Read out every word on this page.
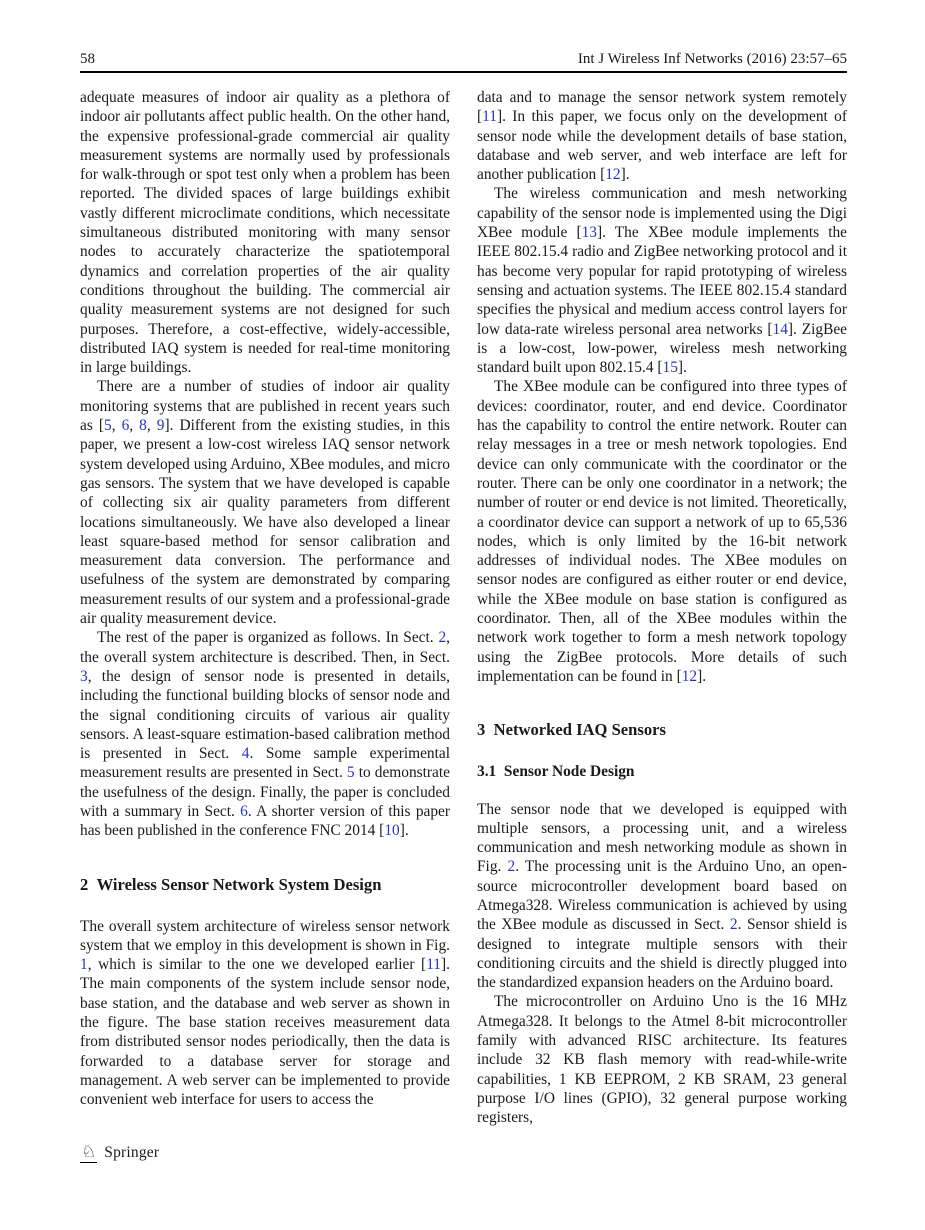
58	Int J Wireless Inf Networks (2016) 23:57–65

adequate measures of indoor air quality as a plethora of indoor air pollutants affect public health. On the other hand, the expensive professional-grade commercial air quality measurement systems are normally used by professionals for walk-through or spot test only when a problem has been reported. The divided spaces of large buildings exhibit vastly different microclimate conditions, which necessitate simultaneous distributed monitoring with many sensor nodes to accurately characterize the spatiotemporal dynamics and correlation properties of the air quality conditions throughout the building. The commercial air quality measurement systems are not designed for such purposes. Therefore, a cost-effective, widely-accessible, distributed IAQ system is needed for real-time monitoring in large buildings.

There are a number of studies of indoor air quality monitoring systems that are published in recent years such as [5, 6, 8, 9]. Different from the existing studies, in this paper, we present a low-cost wireless IAQ sensor network system developed using Arduino, XBee modules, and micro gas sensors. The system that we have developed is capable of collecting six air quality parameters from different locations simultaneously. We have also developed a linear least square-based method for sensor calibration and measurement data conversion. The performance and usefulness of the system are demonstrated by comparing measurement results of our system and a professional-grade air quality measurement device.

The rest of the paper is organized as follows. In Sect. 2, the overall system architecture is described. Then, in Sect. 3, the design of sensor node is presented in details, including the functional building blocks of sensor node and the signal conditioning circuits of various air quality sensors. A least-square estimation-based calibration method is presented in Sect. 4. Some sample experimental measurement results are presented in Sect. 5 to demonstrate the usefulness of the design. Finally, the paper is concluded with a summary in Sect. 6. A shorter version of this paper has been published in the conference FNC 2014 [10].

2 Wireless Sensor Network System Design

The overall system architecture of wireless sensor network system that we employ in this development is shown in Fig. 1, which is similar to the one we developed earlier [11]. The main components of the system include sensor node, base station, and the database and web server as shown in the figure. The base station receives measurement data from distributed sensor nodes periodically, then the data is forwarded to a database server for storage and management. A web server can be implemented to provide convenient web interface for users to access the

data and to manage the sensor network system remotely [11]. In this paper, we focus only on the development of sensor node while the development details of base station, database and web server, and web interface are left for another publication [12].

The wireless communication and mesh networking capability of the sensor node is implemented using the Digi XBee module [13]. The XBee module implements the IEEE 802.15.4 radio and ZigBee networking protocol and it has become very popular for rapid prototyping of wireless sensing and actuation systems. The IEEE 802.15.4 standard specifies the physical and medium access control layers for low data-rate wireless personal area networks [14]. ZigBee is a low-cost, low-power, wireless mesh networking standard built upon 802.15.4 [15].

The XBee module can be configured into three types of devices: coordinator, router, and end device. Coordinator has the capability to control the entire network. Router can relay messages in a tree or mesh network topologies. End device can only communicate with the coordinator or the router. There can be only one coordinator in a network; the number of router or end device is not limited. Theoretically, a coordinator device can support a network of up to 65,536 nodes, which is only limited by the 16-bit network addresses of individual nodes. The XBee modules on sensor nodes are configured as either router or end device, while the XBee module on base station is configured as coordinator. Then, all of the XBee modules within the network work together to form a mesh network topology using the ZigBee protocols. More details of such implementation can be found in [12].

3 Networked IAQ Sensors
3.1 Sensor Node Design

The sensor node that we developed is equipped with multiple sensors, a processing unit, and a wireless communication and mesh networking module as shown in Fig. 2. The processing unit is the Arduino Uno, an open-source microcontroller development board based on Atmega328. Wireless communication is achieved by using the XBee module as discussed in Sect. 2. Sensor shield is designed to integrate multiple sensors with their conditioning circuits and the shield is directly plugged into the standardized expansion headers on the Arduino board.

The microcontroller on Arduino Uno is the 16 MHz Atmega328. It belongs to the Atmel 8-bit microcontroller family with advanced RISC architecture. Its features include 32 KB flash memory with read-while-write capabilities, 1 KB EEPROM, 2 KB SRAM, 23 general purpose I/O lines (GPIO), 32 general purpose working registers,

♘ Springer
